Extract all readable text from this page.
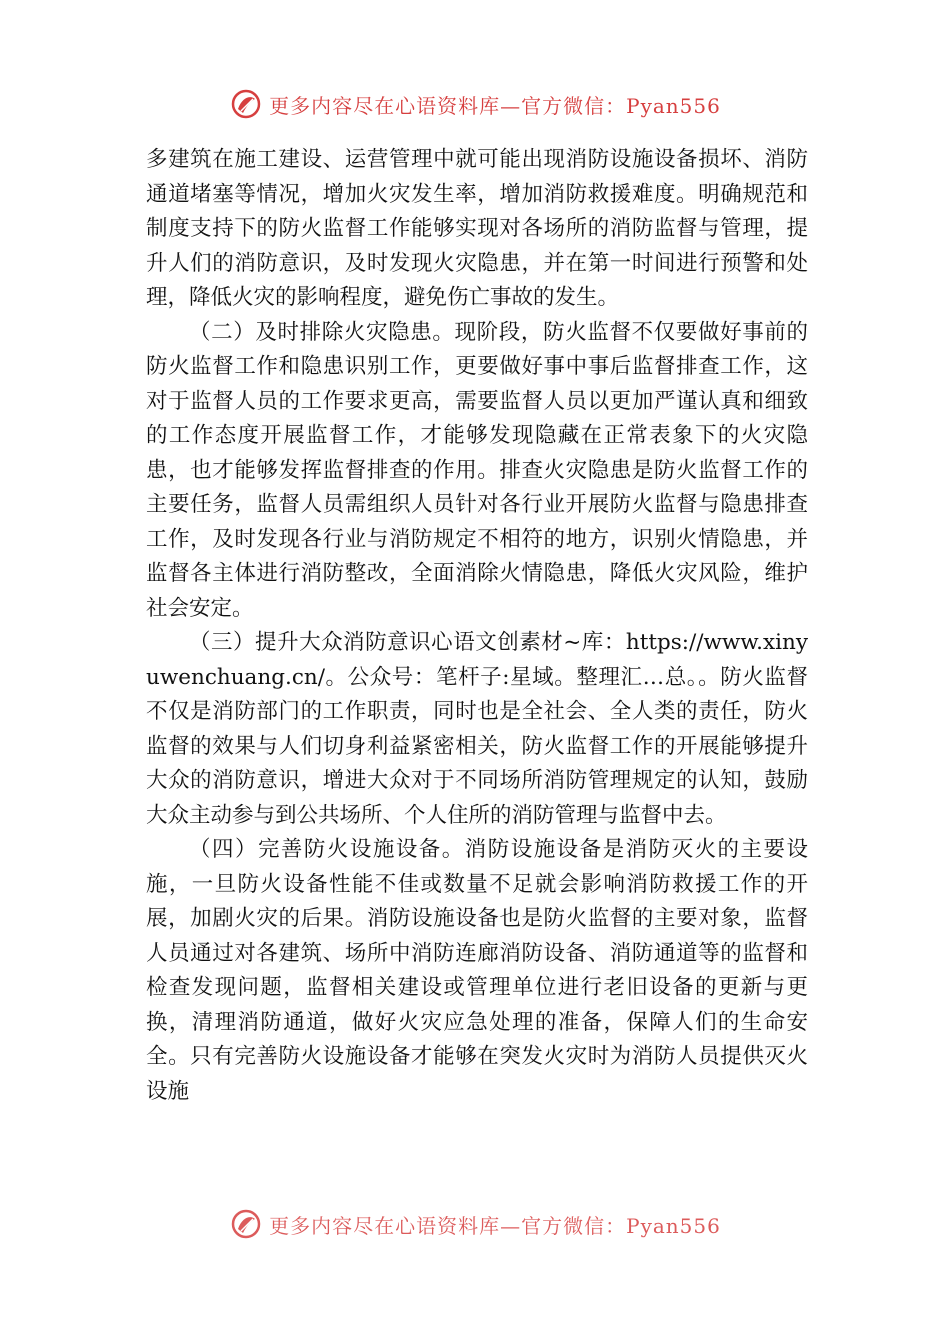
更多内容尽在心语资料库—官方微信：Pyan556

多建筑在施工建设、运营管理中就可能出现消防设施设备损坏、消防通道堵塞等情况，增加火灾发生率，增加消防救援难度。明确规范和制度支持下的防火监督工作能够实现对各场所的消防监督与管理，提升人们的消防意识，及时发现火灾隐患，并在第一时间进行预警和处理，降低火灾的影响程度，避免伤亡事故的发生。

（二）及时排除火灾隐患。现阶段，防火监督不仅要做好事前的防火监督工作和隐患识别工作，更要做好事中事后监督排查工作，这对于监督人员的工作要求更高，需要监督人员以更加严谨认真和细致的工作态度开展监督工作，才能够发现隐藏在正常表象下的火灾隐患，也才能够发挥监督排查的作用。排查火灾隐患是防火监督工作的主要任务，监督人员需组织人员针对各行业开展防火监督与隐患排查工作，及时发现各行业与消防规定不相符的地方，识别火情隐患，并监督各主体进行消防整改，全面消除火情隐患，降低火灾风险，维护社会安定。

（三）提升大众消防意识心语文创素材~库：https://www.xinyuwenchuang.cn/。公众号：笔杆子:星域。整理汇…总。。防火监督不仅是消防部门的工作职责，同时也是全社会、全人类的责任，防火监督的效果与人们切身利益紧密相关，防火监督工作的开展能够提升大众的消防意识，增进大众对于不同场所消防管理规定的认知，鼓励大众主动参与到公共场所、个人住所的消防管理与监督中去。

（四）完善防火设施设备。消防设施设备是消防灭火的主要设施，一旦防火设备性能不佳或数量不足就会影响消防救援工作的开展，加剧火灾的后果。消防设施设备也是防火监督的主要对象，监督人员通过对各建筑、场所中消防连廊消防设备、消防通道等的监督和检查发现问题，监督相关建设或管理单位进行老旧设备的更新与更换，清理消防通道，做好火灾应急处理的准备，保障人们的生命安全。只有完善防火设施设备才能够在突发火灾时为消防人员提供灭火设施

更多内容尽在心语资料库—官方微信：Pyan556
